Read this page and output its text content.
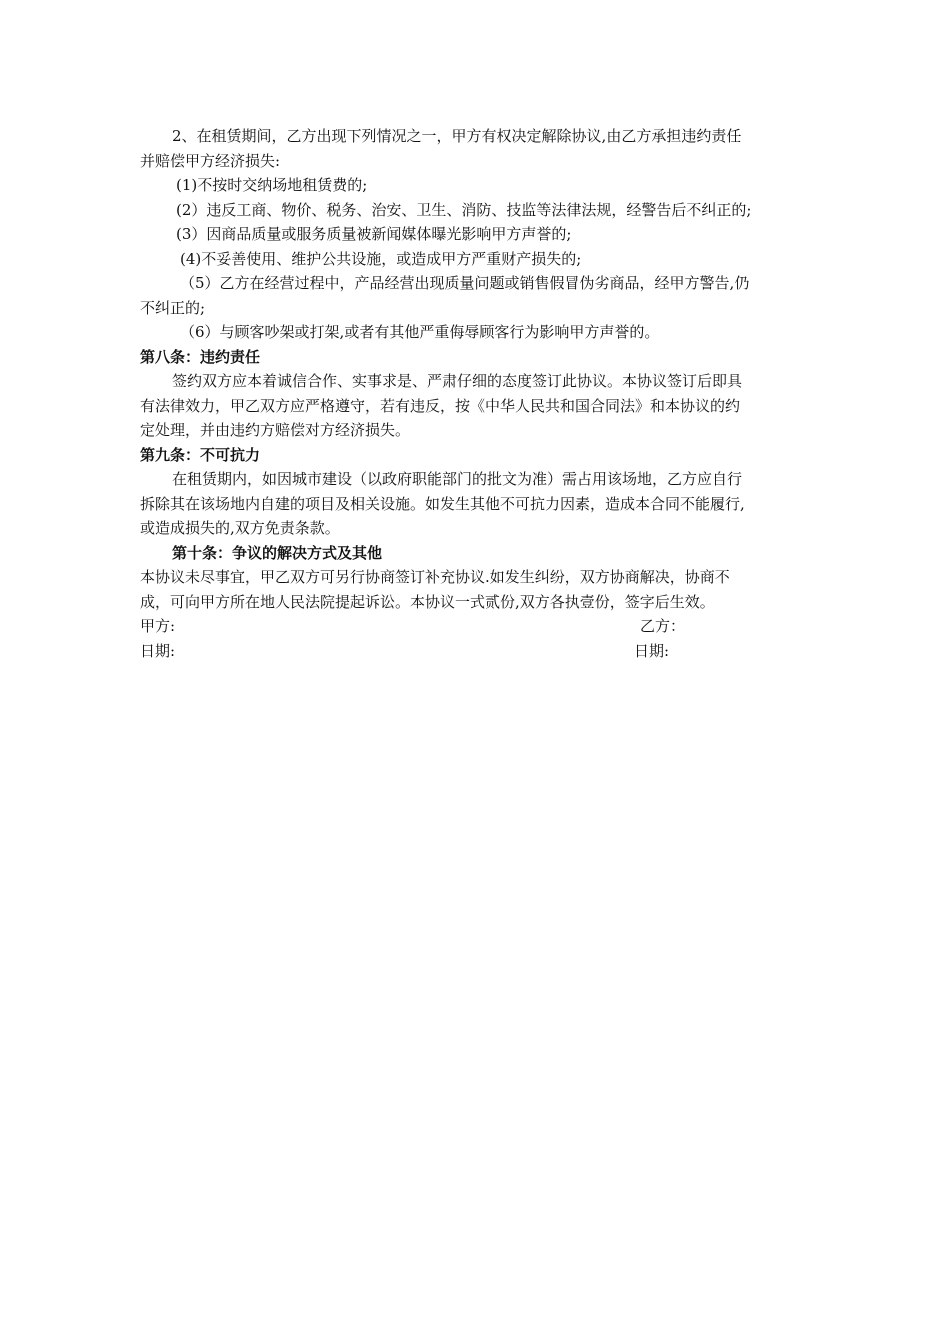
2、在租赁期间，乙方出现下列情况之一，甲方有权决定解除协议,由乙方承担违约责任
并赔偿甲方经济损失:
(1)不按时交纳场地租赁费的;
(2）违反工商、物价、税务、治安、卫生、消防、技监等法律法规，经警告后不纠正的;
(3）因商品质量或服务质量被新闻媒体曝光影响甲方声誉的;
(4)不妥善使用、维护公共设施，或造成甲方严重财产损失的;
（5）乙方在经营过程中，产品经营出现质量问题或销售假冒伪劣商品，经甲方警告,仍
不纠正的;
（6）与顾客吵架或打架,或者有其他严重侮辱顾客行为影响甲方声誉的。
第八条：违约责任
签约双方应本着诚信合作、实事求是、严肃仔细的态度签订此协议。本协议签订后即具
有法律效力，甲乙双方应严格遵守，若有违反，按《中华人民共和国合同法》和本协议的约
定处理，并由违约方赔偿对方经济损失。
第九条：不可抗力
在租赁期内，如因城市建设（以政府职能部门的批文为准）需占用该场地，乙方应自行
拆除其在该场地内自建的项目及相关设施。如发生其他不可抗力因素，造成本合同不能履行,
或造成损失的,双方免责条款。
第十条：争议的解决方式及其他
本协议未尽事宜，甲乙双方可另行协商签订补充协议.如发生纠纷，双方协商解决，协商不
成，可向甲方所在地人民法院提起诉讼。本协议一式贰份,双方各执壹份，签字后生效。
甲方:	乙方：
日期:	日期:
